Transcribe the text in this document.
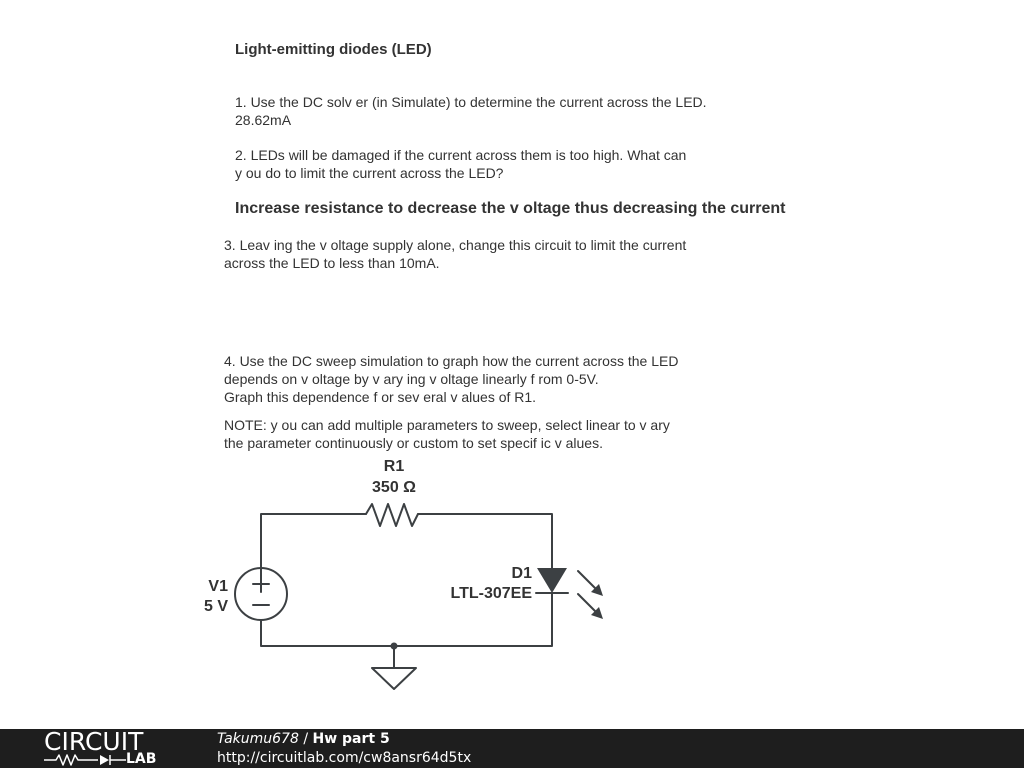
Light-emitting diodes (LED)
1. Use the DC solv er (in Simulate) to determine the current across the LED.
28.62mA
2. LEDs will be damaged if the current across them is too high. What can
y ou do to limit the current across the LED?
Increase resistance to decrease the v oltage thus decreasing the current
3. Leav ing the v oltage supply alone, change this circuit to limit the current
across the LED to less than 10mA.
4. Use the DC sweep simulation to graph how the current across the LED
depends on v oltage by v ary ing v oltage linearly f rom 0-5V.
Graph this dependence f or sev eral v alues of R1.
NOTE: y ou can add multiple parameters to sweep, select linear to v ary
the parameter continuously or custom to set specif ic v alues.
R1
350 Ω
V1
5 V
D1
LTL-307EE
CIRCUIT
LAB
Takumu678 / Hw part 5
http://circuitlab.com/cw8ansr64d5tx
